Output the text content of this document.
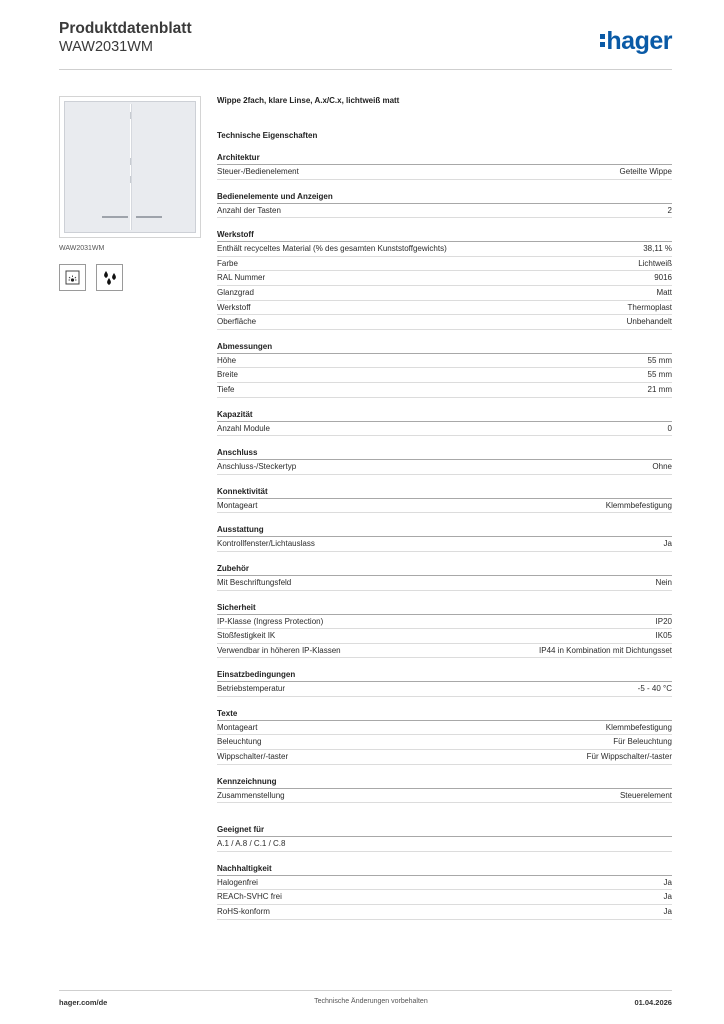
Produktdatenblatt
WAW2031WM	hager
WAW2031WM
Wippe 2fach, klare Linse, A.x/C.x, lichtweiß matt
Technische Eigenschaften
Architektur
Steuer-/Bedienelement	Geteilte Wippe
Bedienelemente und Anzeigen
Anzahl der Tasten	2
Werkstoff
Enthält recyceltes Material (% des gesamten Kunststoffgewichts)	38,11 %
Farbe	Lichtweiß
RAL Nummer	9016
Glanzgrad	Matt
Werkstoff	Thermoplast
Oberfläche	Unbehandelt
Abmessungen
Höhe	55 mm
Breite	55 mm
Tiefe	21 mm
Kapazität
Anzahl Module	0
Anschluss
Anschluss-/Steckertyp	Ohne
Konnektivität
Montageart	Klemmbefestigung
Ausstattung
Kontrollfenster/Lichtauslass	Ja
Zubehör
Mit Beschriftungsfeld	Nein
Sicherheit
IP-Klasse (Ingress Protection)	IP20
Stoßfestigkeit IK	IK05
Verwendbar in höheren IP-Klassen	IP44 in Kombination mit Dichtungsset
Einsatzbedingungen
Betriebstemperatur	-5 - 40 °C
Texte
Montageart	Klemmbefestigung
Beleuchtung	Für Beleuchtung
Wippschalter/-taster	Für Wippschalter/-taster
Kennzeichnung
Zusammenstellung	Steuerelement
Geeignet für
A.1 / A.8 / C.1 / C.8
Nachhaltigkeit
Halogenfrei	Ja
REACh-SVHC frei	Ja
RoHS-konform	Ja
hager.com/de	Technische Änderungen vorbehalten	01.04.2026
